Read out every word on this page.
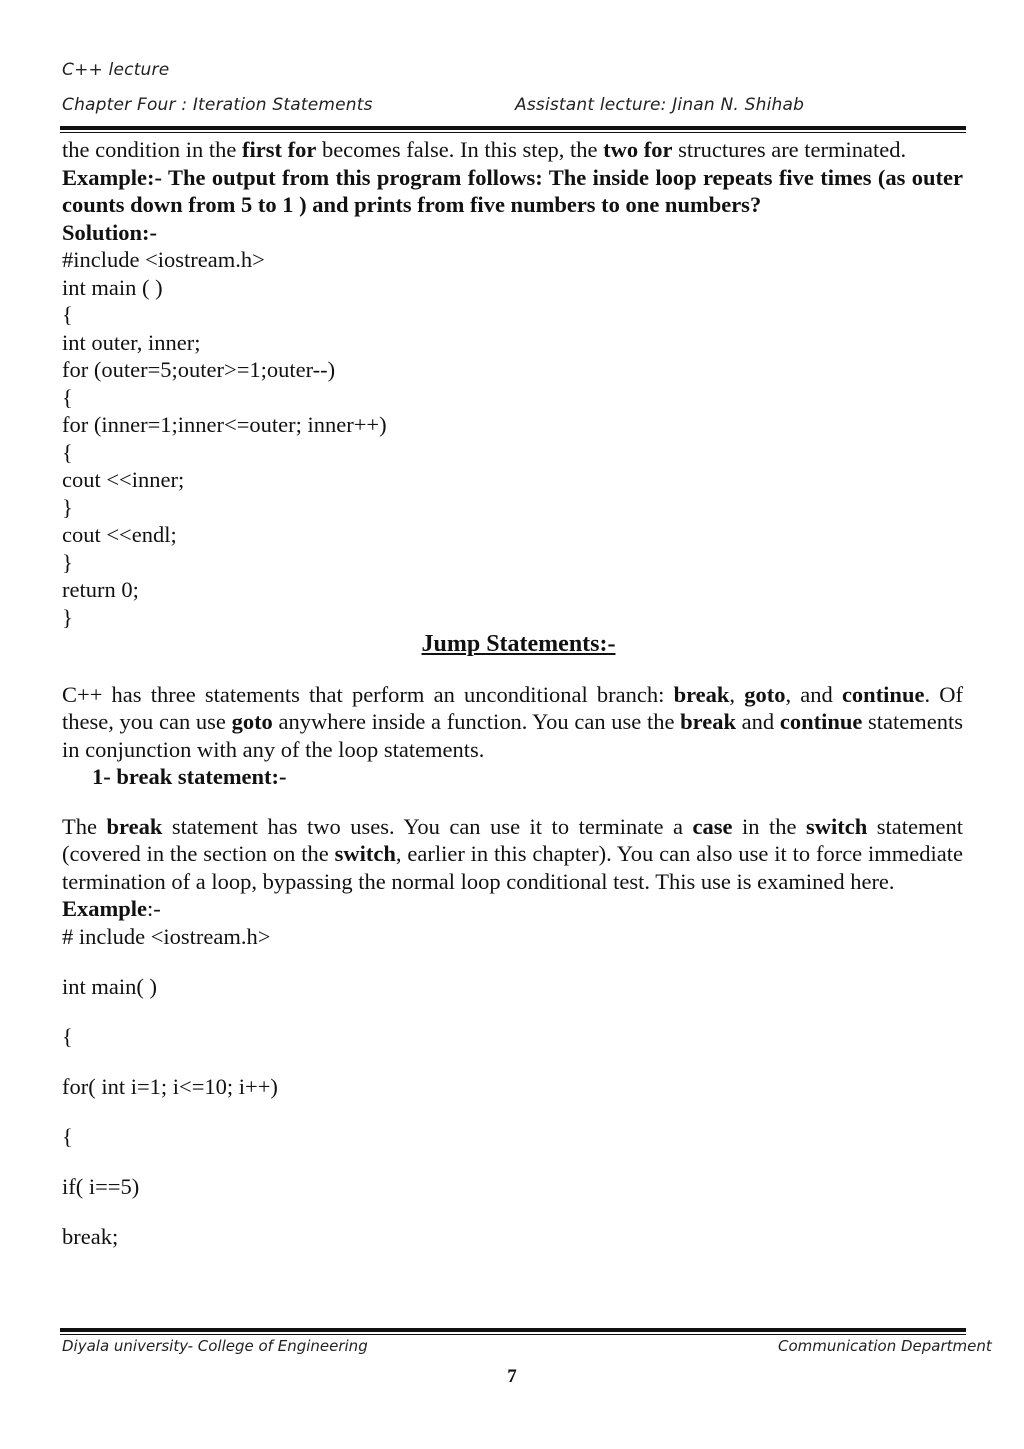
C++ lecture
Chapter Four : Iteration Statements	Assistant lecture: Jinan N. Shihab

the condition in the first for becomes false. In this step, the two for structures are terminated.

Example:- The output from this program follows: The inside loop repeats five times (as outer counts down from 5 to 1 ) and prints from five numbers to one numbers?

Solution:-

#include <iostream.h>

int main ( )

{

int outer, inner;

for (outer=5;outer>=1;outer--)

{

for (inner=1;inner<=outer; inner++)

{

cout <<inner;

}

cout <<endl;

}

return 0;

}

Jump Statements:-

C++ has three statements that perform an unconditional branch: break, goto, and continue. Of these, you can use goto anywhere inside a function. You can use the break and continue statements in conjunction with any of the loop statements.

1- break statement:-

The break statement has two uses. You can use it to terminate a case in the switch statement (covered in the section on the switch, earlier in this chapter). You can also use it to force immediate termination of a loop, bypassing the normal loop conditional test. This use is examined here.

Example:-

# include <iostream.h>

int main( )

{

for( int i=1; i<=10; i++)

{

if( i==5)

break;

Diyala university- College of Engineering	Communication Department
7
